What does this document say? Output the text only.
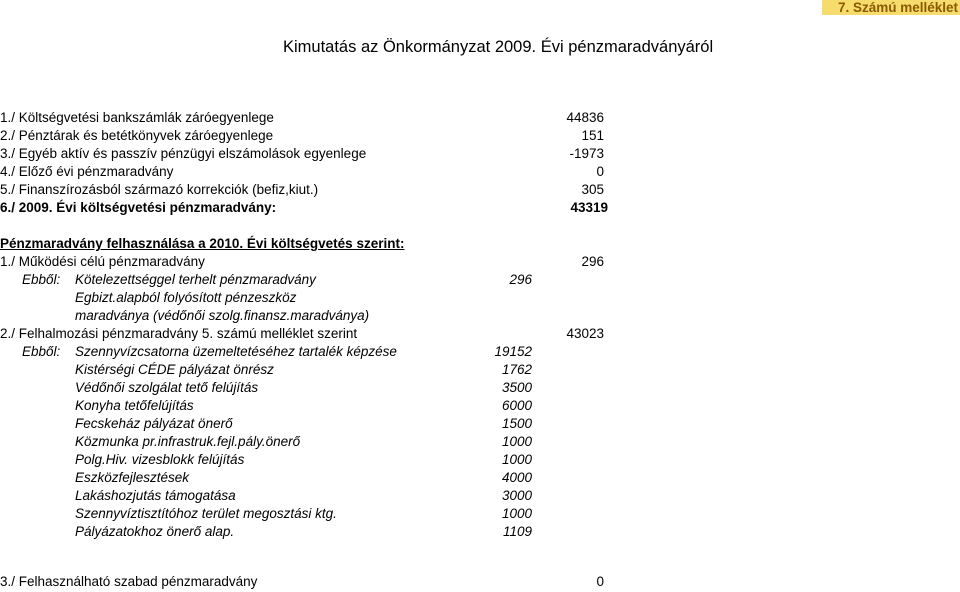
7. Számú melléklet
Kimutatás az Önkormányzat 2009. Évi pénzmaradványáról
1./ Költségvetési bankszámlák záróegyenlege	44836
2./ Pénztárak és betétkönyvek záróegyenlege	151
3./ Egyéb aktív és passzív pénzügyi elszámolások egyenlege	-1973
4./ Előző évi pénzmaradvány	0
5./ Finanszírozásból származó korrekciók (befiz,kiut.)	305
6./ 2009. Évi költségvetési pénzmaradvány:	43319
Pénzmaradvány felhasználása a 2010. Évi költségvetés szerint:
1./ Működési célú pénzmaradvány	296
Ebből: Kötelezettséggel terhelt pénzmaradvány	296
Egbizt.alapból folyósított pénzeszköz
maradványa (védőnői szolg.finansz.maradványa)
2./ Felhalmozási pénzmaradvány 5. számú melléklet szerint	43023
Ebből: Szennyvízcsatorna üzemeltetéséhez tartalék képzése	19152
Kistérségi CÉDE pályázat önrész	1762
Védőnői szolgálat tető felújítás	3500
Konyha tetőfelújítás	6000
Fecskeház pályázat önerő	1500
Közmunka pr.infrastruk.fejl.pály.önerő	1000
Polg.Hiv. vizesblokk felújítás	1000
Eszközfejlesztések	4000
Lakáshozjutás támogatása	3000
Szennyvíztisztítóhoz terület megosztási ktg.	1000
Pályázatokhoz önerő alap.	1109
3./ Felhasználható szabad pénzmaradvány	0
